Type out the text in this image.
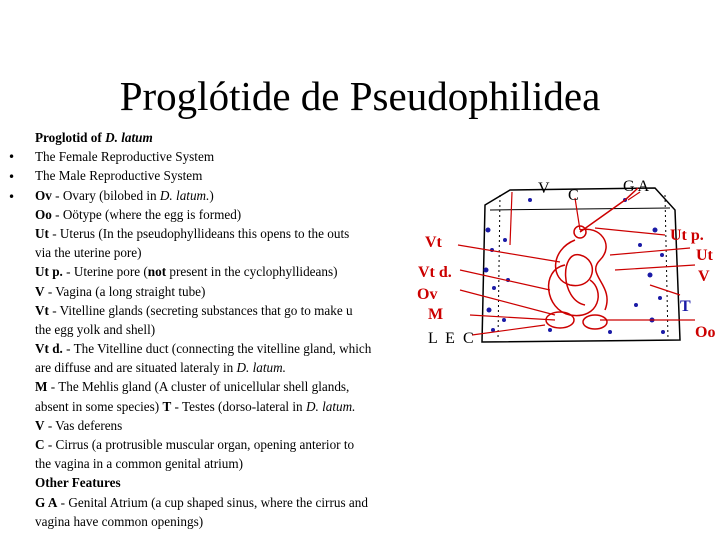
Proglótide de Pseudophilidea
•
•
•
Proglotid of D. latum
The Female Reproductive System
The Male Reproductive System
Ov - Ovary (bilobed in D. latum.)
Oo - Oötype (where the egg is formed)
Ut - Uterus (In the pseudophyllideans this opens to the outs
via the uterine pore)
Ut p. - Uterine pore (not present in the cyclophyllideans)
V - Vagina (a long straight tube)
Vt - Vitelline glands (secreting substances that go to make u
the egg yolk and shell)
Vt d. - The Vitelline duct (connecting the vitelline gland, which
are diffuse and are situated lateraly in D. latum.
M - The Mehlis gland (A cluster of unicellular shell glands,
absent in some species) T - Testes (dorso-lateral in D. latum.
V - Vas deferens
C - Cirrus (a protrusible muscular organ, opening anterior to
the vagina in a common genital atrium)
Other Features
G A - Genital Atrium (a cup shaped sinus, where the cirrus and
vagina have common openings)
V C
G A
Vt
Vt d.
Ov
M
L E C
Ut p.
Ut
V
T
Oo
